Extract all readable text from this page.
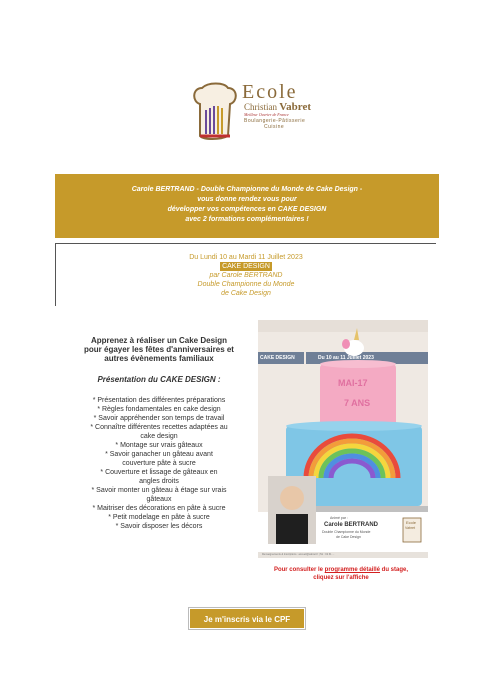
Ecole
Christian Vabret
Meilleur Ouvrier de France
Boulangerie-Pâtisserie
Cuisine
Carole BERTRAND - Double Championne du Monde de Cake Design -
vous donne rendez vous pour
développer vos compétences en CAKE DESIGN
avec 2 formations complémentaires !
Du Lundi 10 au Mardi 11 Juillet 2023
CAKE DESIGN
par Carole BERTRAND
Double Championne du Monde
de Cake Design
Apprenez à réaliser un Cake Design
pour égayer les fêtes d'anniversaires et
autres évènements familiaux
Présentation du CAKE DESIGN :
* Présentation des différentes préparations
* Règles fondamentales en cake design
* Savoir appréhender son temps de travail
* Connaître différentes recettes adaptées au
cake design
* Montage sur vrais gâteaux
* Savoir ganacher un gâteau avant
couverture pâte à sucre
* Couverture et lissage de gâteaux en
angles droits
* Savoir monter un gâteau à étage sur vrais
gâteaux
* Maitriser des décorations en pâte à sucre
* Petit modelage en pâte à sucre
* Savoir disposer les décors
CAKE DESIGN	Du 10 au 11 Juillet 2023
MAI-17
7 ANS
Animé par :
Carole BERTRAND
Double Championne du Monde
de Cake Design
Ecole
Vabret
Renseignements & Inscriptions : accueil@vabret.fr | Tel : 02 31 ...
Pour consulter le programme détaillé du stage,
cliquez sur l'affiche
Je m'inscris via le CPF
